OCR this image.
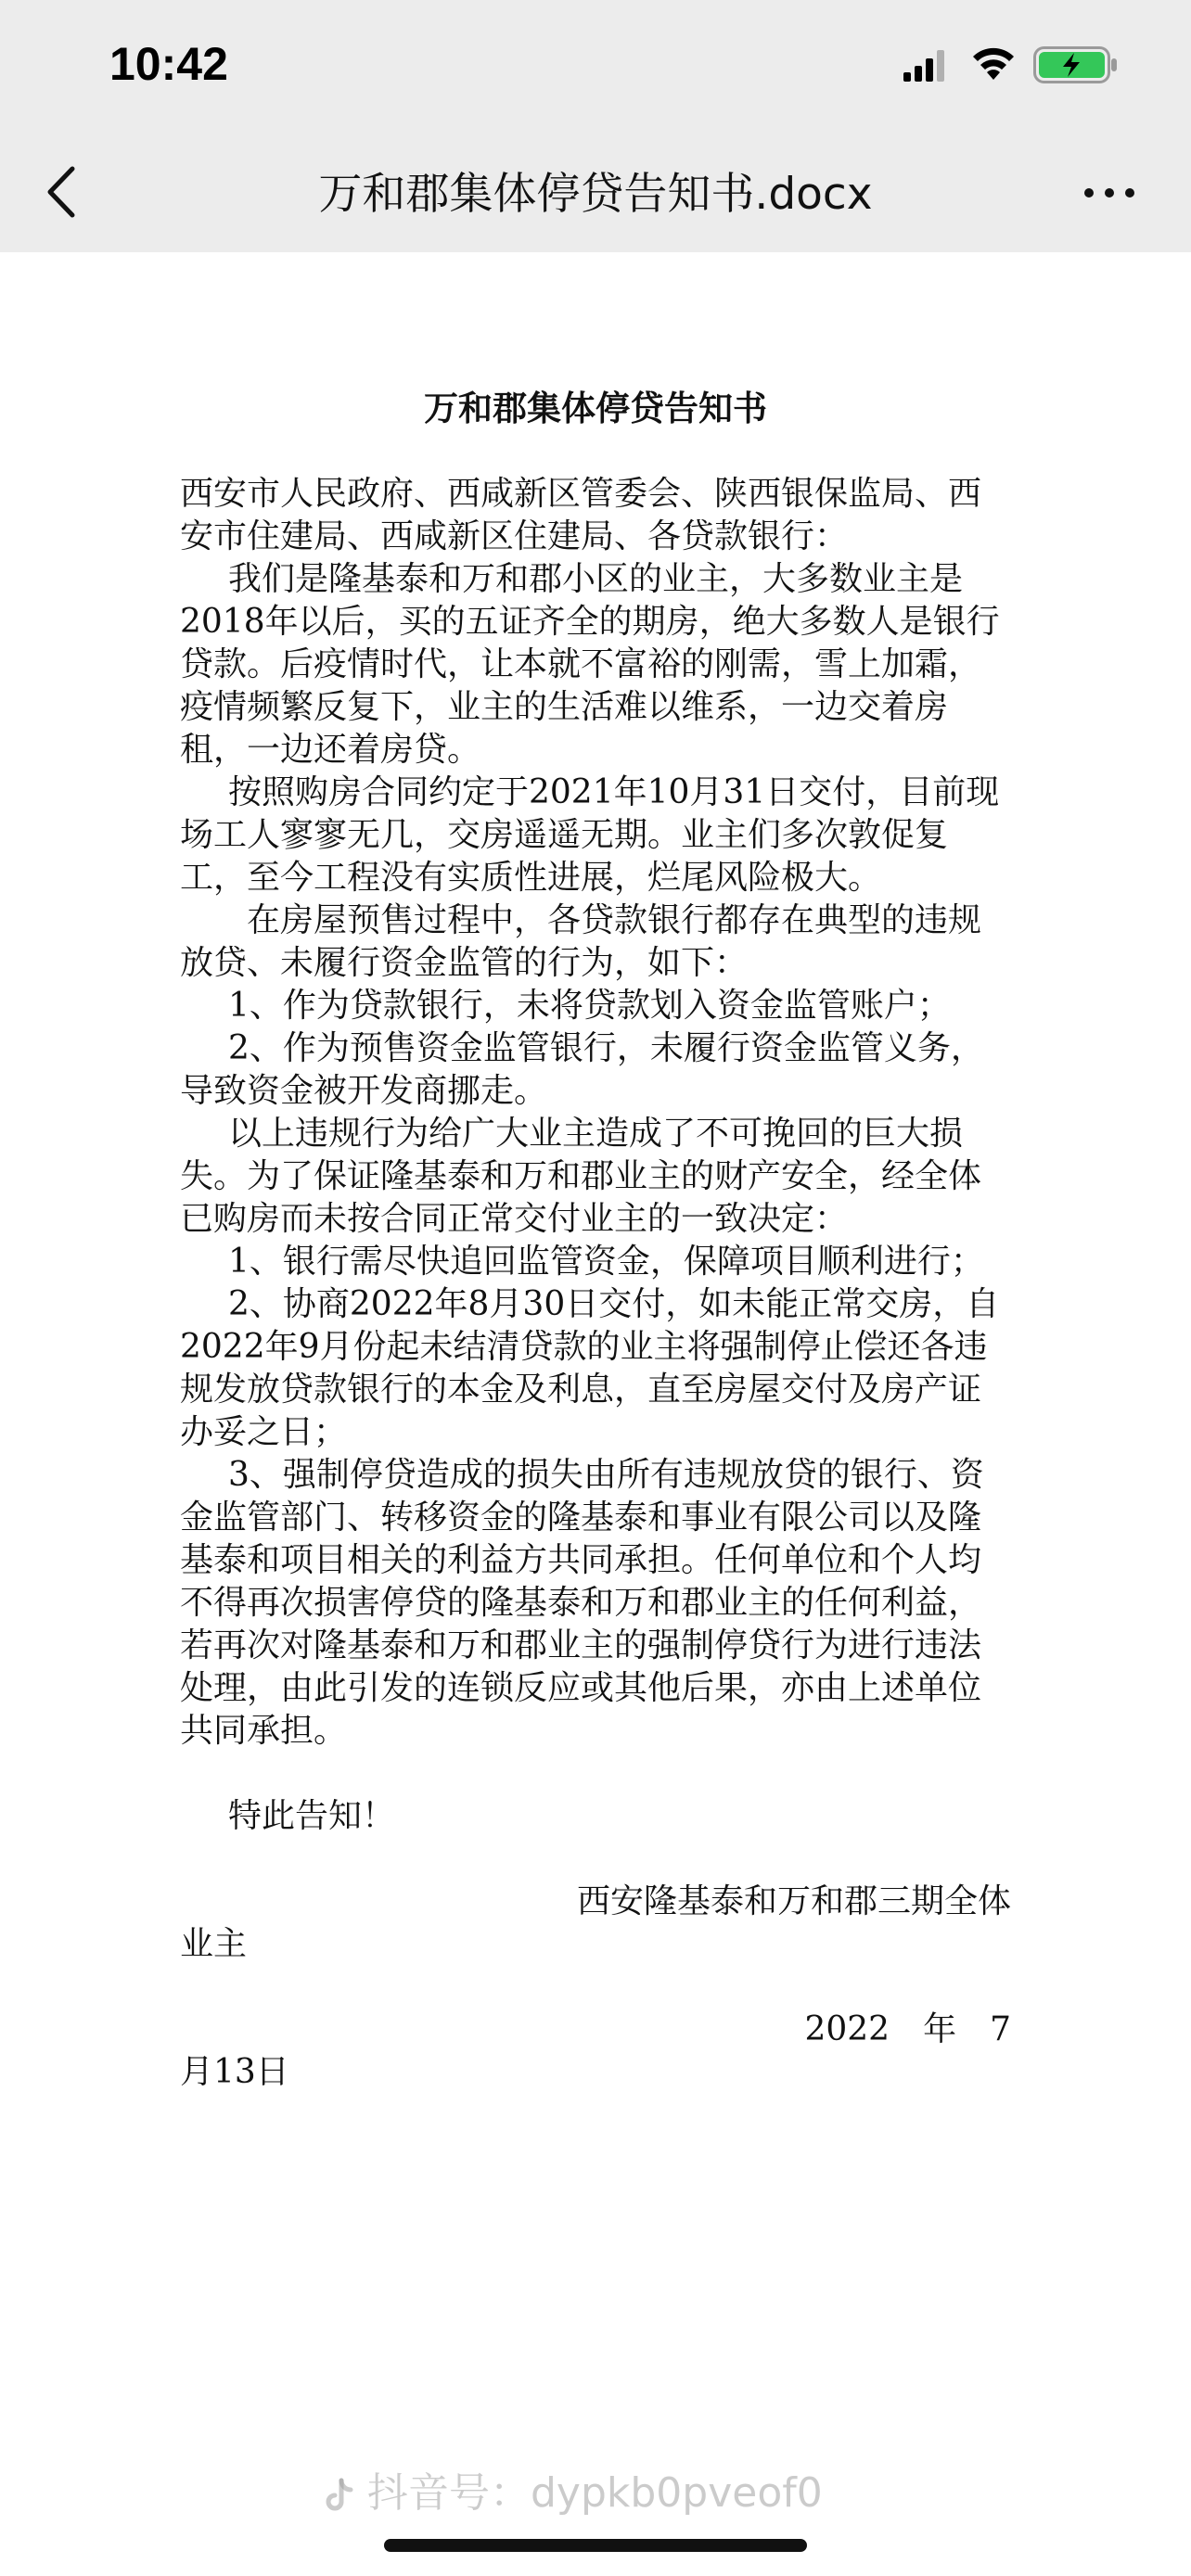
10:42
万和郡集体停贷告知书.docx
万和郡集体停贷告知书

西安市人民政府、西咸新区管委会、陕西银保监局、西安市住建局、西咸新区住建局、各贷款银行：

我们是隆基泰和万和郡小区的业主，大多数业主是2018年以后，买的五证齐全的期房，绝大多数人是银行贷款。后疫情时代，让本就不富裕的刚需，雪上加霜，疫情频繁反复下，业主的生活难以维系，一边交着房租，一边还着房贷。

按照购房合同约定于2021年10月31日交付，目前现场工人寥寥无几，交房遥遥无期。业主们多次敦促复工，至今工程没有实质性进展，烂尾风险极大。

在房屋预售过程中，各贷款银行都存在典型的违规放贷、未履行资金监管的行为，如下：

1、作为贷款银行，未将贷款划入资金监管账户；

2、作为预售资金监管银行，未履行资金监管义务，导致资金被开发商挪走。

以上违规行为给广大业主造成了不可挽回的巨大损失。为了保证隆基泰和万和郡业主的财产安全，经全体已购房而未按合同正常交付业主的一致决定：

1、银行需尽快追回监管资金，保障项目顺利进行；

2、协商2022年8月30日交付，如未能正常交房，自2022年9月份起未结清贷款的业主将强制停止偿还各违规发放贷款银行的本金及利息，直至房屋交付及房产证办妥之日；

3、强制停贷造成的损失由所有违规放贷的银行、资金监管部门、转移资金的隆基泰和事业有限公司以及隆基泰和项目相关的利益方共同承担。任何单位和个人均不得再次损害停贷的隆基泰和万和郡业主的任何利益，若再次对隆基泰和万和郡业主的强制停贷行为进行违法处理，由此引发的连锁反应或其他后果，亦由上述单位共同承担。

特此告知！

西安隆基泰和万和郡三期全体

业主

2022　年　7

月13日

抖音号：dypkb0pveof0
